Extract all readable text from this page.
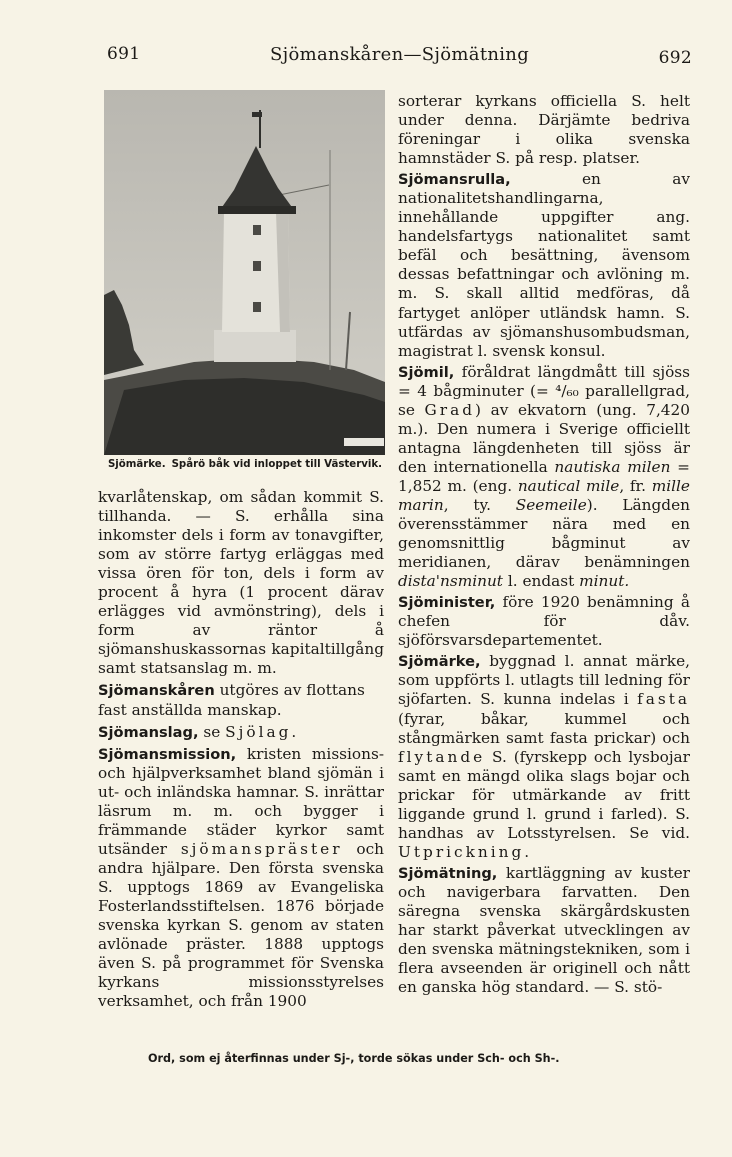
691	Sjömanskåren—Sjömätning	692
Sjömärke. Spårö båk vid inloppet till Västervik.

kvarlåtenskap, om sådan kommit S. tillhanda. — S. erhålla sina inkomster dels i form av tonavgifter, som av större fartyg erläggas med vissa ören för ton, dels i form av procent å hyra (1 procent därav erlägges vid avmönstring), dels i form av räntor å sjömanshuskassornas kapitaltillgång samt statsanslag m. m.

Sjömanskåren utgöres av flottans fast anställda manskap.

Sjömanslag, se Sjölag.

Sjömansmission, kristen missions- och hjälpverksamhet bland sjömän i ut- och inländska hamnar. S. inrättar läsrum m. m. och bygger i främmande städer kyrkor samt utsänder sjömanspräster och andra hjälpare. Den första svenska S. upptogs 1869 av Evangeliska Fosterlandsstiftelsen. 1876 började svenska kyrkan S. genom av staten avlönade präster. 1888 upptogs även S. på programmet för Svenska kyrkans missionsstyrelses verksamhet, och från 1900

sorterar kyrkans officiella S. helt under denna. Därjämte bedriva föreningar i olika svenska hamnstäder S. på resp. platser.

Sjömansrulla, en av nationalitetshandlingarna, innehållande uppgifter ang. handelsfartygs nationalitet samt befäl och besättning, ävensom dessas befattningar och avlöning m. m. S. skall alltid medföras, då fartyget anlöper utländsk hamn. S. utfärdas av sjömanshusombudsman, magistrat l. svensk konsul.

Sjömil, föråldrat längdmått till sjöss = 4 bågminuter (= ⁴/₆₀ parallellgrad, se Grad) av ekvatorn (ung. 7,420 m.). Den numera i Sverige officiellt antagna längdenheten till sjöss är den internationella nautiska milen = 1,852 m. (eng. nautical mile, fr. mille marin, ty. Seemeile). Längden överensstämmer nära med en genomsnittlig bågminut av meridianen, därav benämningen dista'nsminut l. endast minut.

Sjöminister, före 1920 benämning å chefen för dåv. sjöförsvarsdepartementet.

Sjömärke, byggnad l. annat märke, som uppförts l. utlagts till ledning för sjöfarten. S. kunna indelas i fasta (fyrar, båkar, kummel och stångmärken samt fasta prickar) och flytande S. (fyrskepp och lysbojar samt en mängd olika slags bojar och prickar för utmärkande av fritt liggande grund l. grund i farled). S. handhas av Lotsstyrelsen. Se vid. Utprickning.

Sjömätning, kartläggning av kuster och navigerbara farvatten. Den säregna svenska skärgårdskusten har starkt påverkat utvecklingen av den svenska mätningstekniken, som i flera avseenden är originell och nått en ganska hög standard. — S. stö-

Ord, som ej återfinnas under Sj-, torde sökas under Sch- och Sh-.
